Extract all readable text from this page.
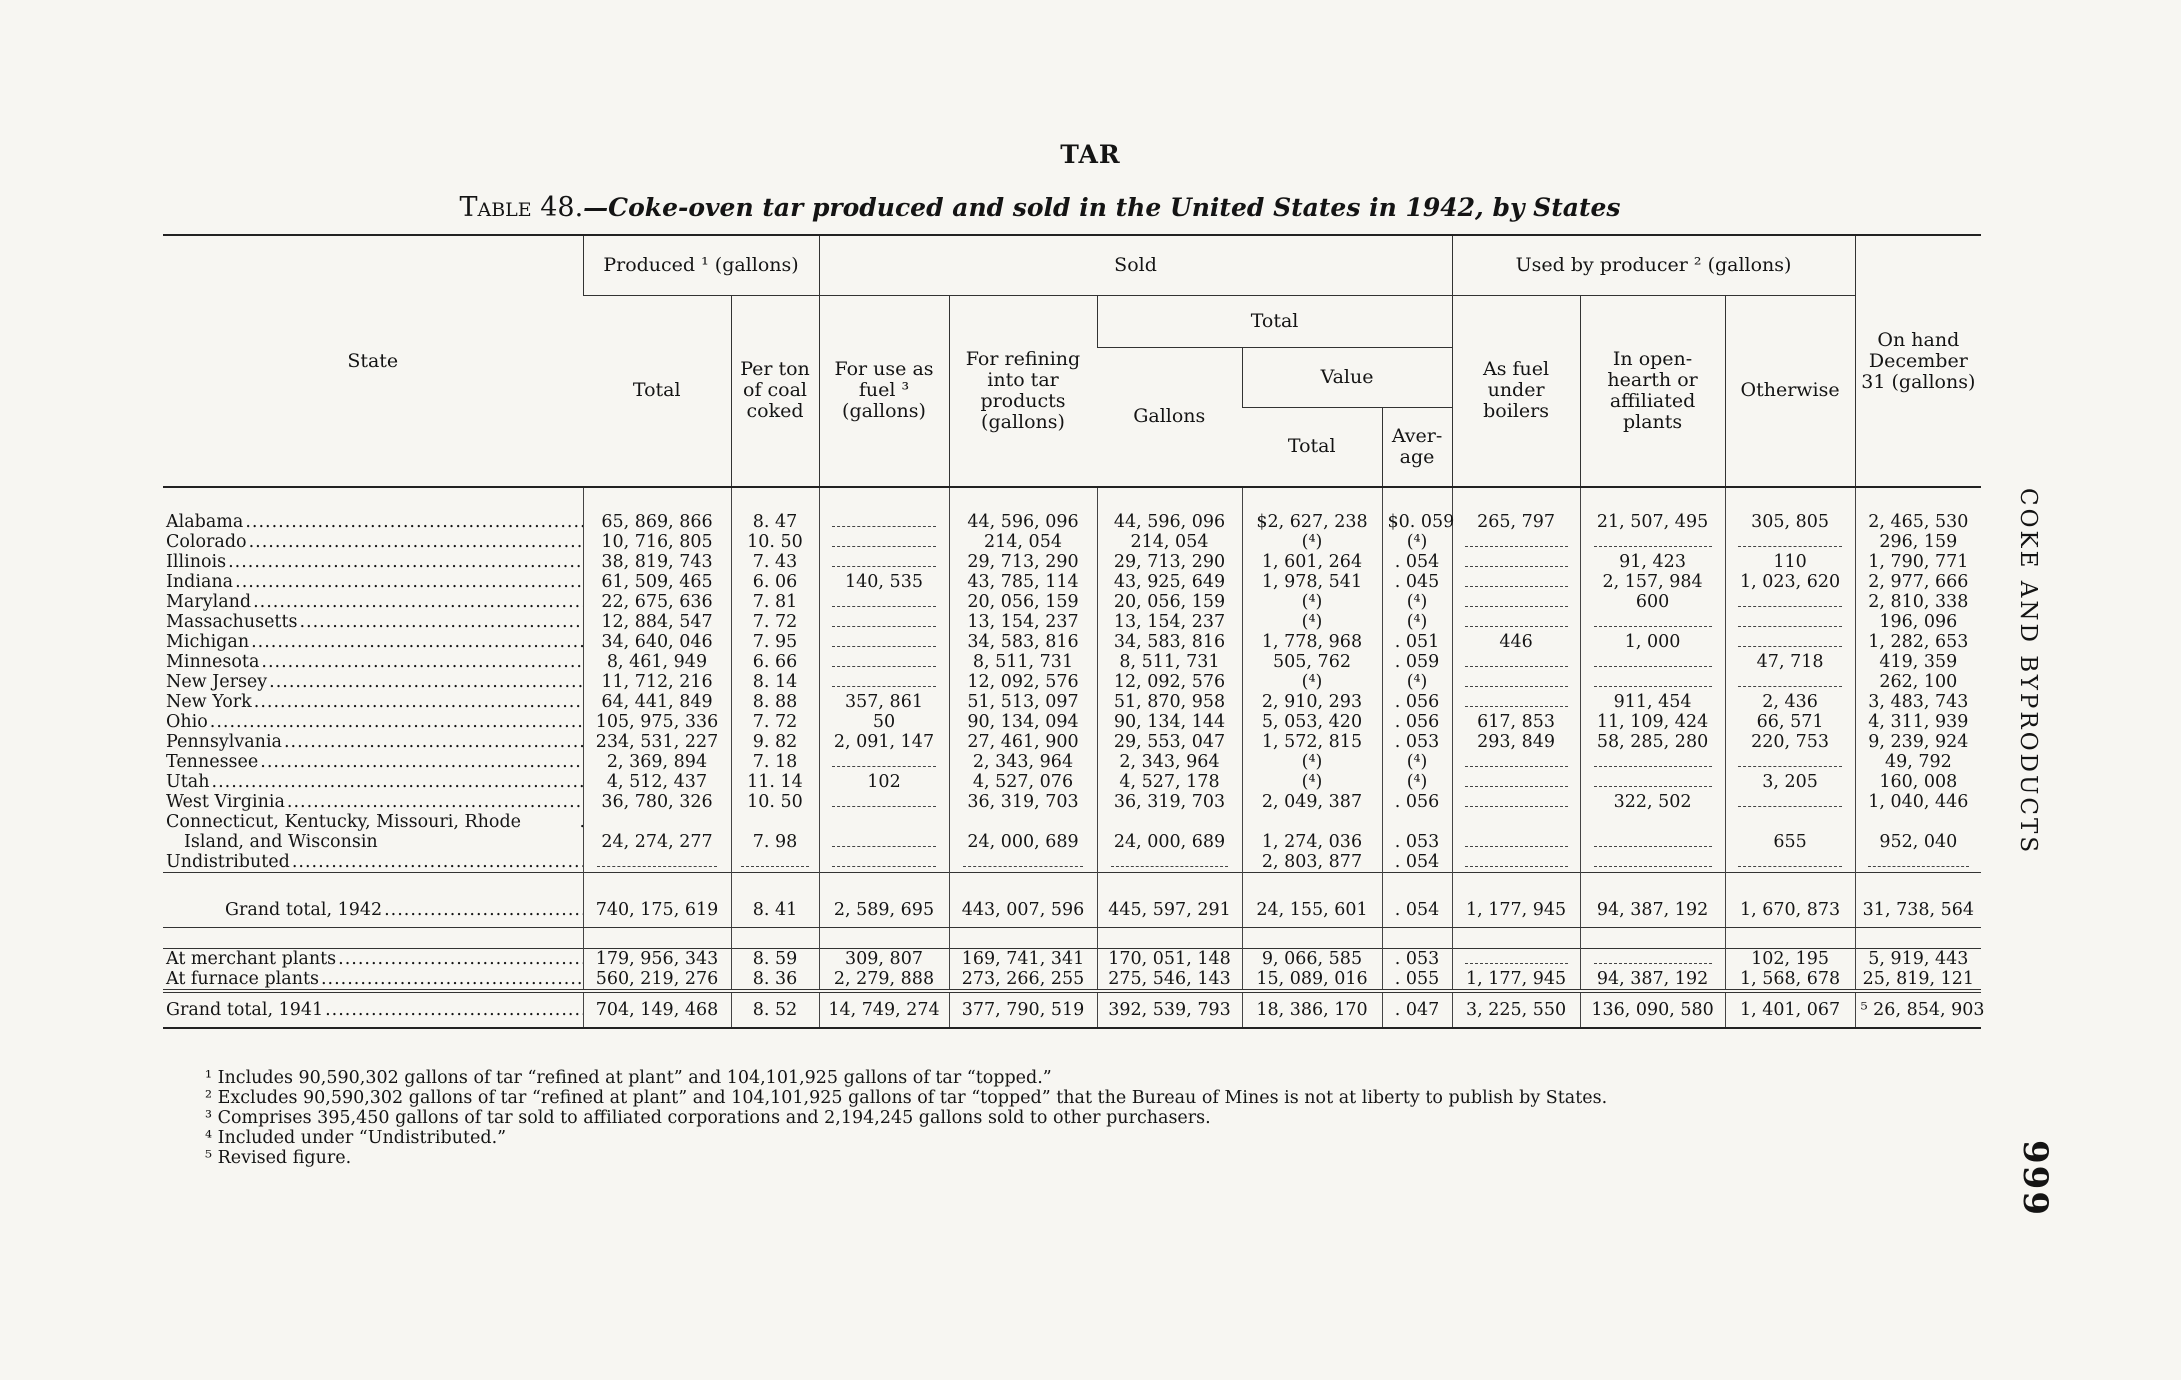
TAR
Table 48.—Coke-oven tar produced and sold in the United States in 1942, by States
State	Produced ¹ (gallons)		Sold					Used by producer ² (gallons)			On hand December 31 (gallons)
	Total	Per ton of coal coked	For use as fuel ³ (gallons)	For refining into tar products (gallons)	Total			As fuel under boilers	In open-hearth or affiliated plants	Otherwise	
					Gallons	Value					
						Total	Aver-age				

Alabama .....	65, 869, 866	8. 47		44, 596, 096	44, 596, 096	$2, 627, 238	$0. 059	265, 797	21, 507, 495	305, 805	2, 465, 530
Colorado .....	10, 716, 805	10. 50		214, 054	214, 054	(⁴)	(⁴)				296, 159
Illinois .....	38, 819, 743	7. 43		29, 713, 290	29, 713, 290	1, 601, 264	. 054		91, 423	110	1, 790, 771
Indiana .....	61, 509, 465	6. 06	140, 535	43, 785, 114	43, 925, 649	1, 978, 541	. 045		2, 157, 984	1, 023, 620	2, 977, 666
Maryland .....	22, 675, 636	7. 81		20, 056, 159	20, 056, 159	(⁴)	(⁴)		600		2, 810, 338
Massachusetts .....	12, 884, 547	7. 72		13, 154, 237	13, 154, 237	(⁴)	(⁴)				196, 096
Michigan .....	34, 640, 046	7. 95		34, 583, 816	34, 583, 816	1, 778, 968	. 051	446	1, 000		1, 282, 653
Minnesota .....	8, 461, 949	6. 66		8, 511, 731	8, 511, 731	505, 762	. 059			47, 718	419, 359
New Jersey .....	11, 712, 216	8. 14		12, 092, 576	12, 092, 576	(⁴)	(⁴)				262, 100
New York .....	64, 441, 849	8. 88	357, 861	51, 513, 097	51, 870, 958	2, 910, 293	. 056		911, 454	2, 436	3, 483, 743
Ohio .....	105, 975, 336	7. 72	50	90, 134, 094	90, 134, 144	5, 053, 420	. 056	617, 853	11, 109, 424	66, 571	4, 311, 939
Pennsylvania .....	234, 531, 227	9. 82	2, 091, 147	27, 461, 900	29, 553, 047	1, 572, 815	. 053	293, 849	58, 285, 280	220, 753	9, 239, 924
Tennessee .....	2, 369, 894	7. 18		2, 343, 964	2, 343, 964	(⁴)	(⁴)				49, 792
Utah .....	4, 512, 437	11. 14	102	4, 527, 076	4, 527, 178	(⁴)	(⁴)			3, 205	160, 008
West Virginia .....	36, 780, 326	10. 50		36, 319, 703	36, 319, 703	2, 049, 387	. 056		322, 502		1, 040, 446

Connecticut, Kentucky, Missouri, Rhode .....
Island, and Wisconsin	24, 274, 277	7. 98		24, 000, 689	24, 000, 689	1, 274, 036	. 053			655	952, 040
Undistributed .....						2, 803, 877	. 054				

Grand total, 1942 .....	740, 175, 619	8. 41	2, 589, 695	443, 007, 596	445, 597, 291	24, 155, 601	. 054	1, 177, 945	94, 387, 192	1, 670, 873	31, 738, 564

At merchant plants .....	179, 956, 343	8. 59	309, 807	169, 741, 341	170, 051, 148	9, 066, 585	. 053			102, 195	5, 919, 443
At furnace plants .....	560, 219, 276	8. 36	2, 279, 888	273, 266, 255	275, 546, 143	15, 089, 016	. 055	1, 177, 945	94, 387, 192	1, 568, 678	25, 819, 121
Grand total, 1941 .....	704, 149, 468	8. 52	14, 749, 274	377, 790, 519	392, 539, 793	18, 386, 170	. 047	3, 225, 550	136, 090, 580	1, 401, 067	⁵ 26, 854, 903
¹ Includes 90,590,302 gallons of tar “refined at plant” and 104,101,925 gallons of tar “topped.”
² Excludes 90,590,302 gallons of tar “refined at plant” and 104,101,925 gallons of tar “topped” that the Bureau of Mines is not at liberty to publish by States.
³ Comprises 395,450 gallons of tar sold to affiliated corporations and 2,194,245 gallons sold to other purchasers.
⁴ Included under “Undistributed.”
⁵ Revised figure.
COKE AND BYPRODUCTS
999
